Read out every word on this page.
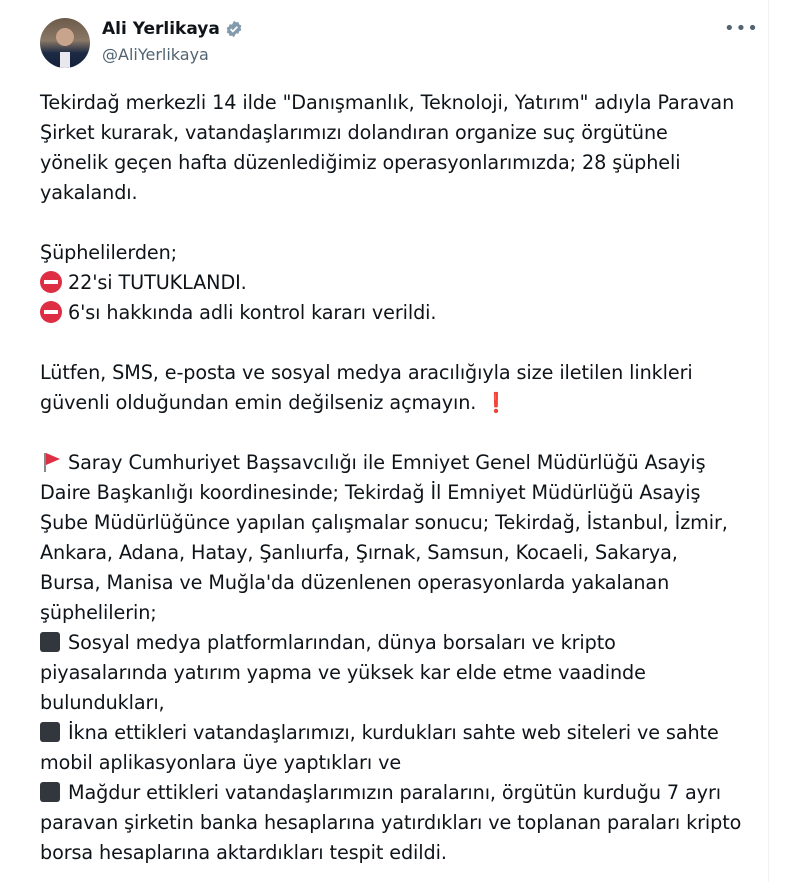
Ali Yerlikaya
@AliYerlikaya
•••
Tekirdağ merkezli 14 ilde "Danışmanlık, Teknoloji, Yatırım" adıyla Paravan
Şirket kurarak, vatandaşlarımızı dolandıran organize suç örgütüne
yönelik geçen hafta düzenlediğimiz operasyonlarımızda; 28 şüpheli
yakalandı.
Şüphelilerden;
22'si TUTUKLANDI.
6'sı hakkında adli kontrol kararı verildi.
Lütfen, SMS, e-posta ve sosyal medya aracılığıyla size iletilen linkleri
güvenli olduğundan emin değilseniz açmayın. ❗
Saray Cumhuriyet Başsavcılığı ile Emniyet Genel Müdürlüğü Asayiş
Daire Başkanlığı koordinesinde; Tekirdağ İl Emniyet Müdürlüğü Asayiş
Şube Müdürlüğünce yapılan çalışmalar sonucu; Tekirdağ, İstanbul, İzmir,
Ankara, Adana, Hatay, Şanlıurfa, Şırnak, Samsun, Kocaeli, Sakarya,
Bursa, Manisa ve Muğla'da düzenlenen operasyonlarda yakalanan
şüphelilerin;
Sosyal medya platformlarından, dünya borsaları ve kripto
piyasalarında yatırım yapma ve yüksek kar elde etme vaadinde
bulundukları,
İkna ettikleri vatandaşlarımızı, kurdukları sahte web siteleri ve sahte
mobil aplikasyonlara üye yaptıkları ve
Mağdur ettikleri vatandaşlarımızın paralarını, örgütün kurduğu 7 ayrı
paravan şirketin banka hesaplarına yatırdıkları ve toplanan paraları kripto
borsa hesaplarına aktardıkları tespit edildi.
